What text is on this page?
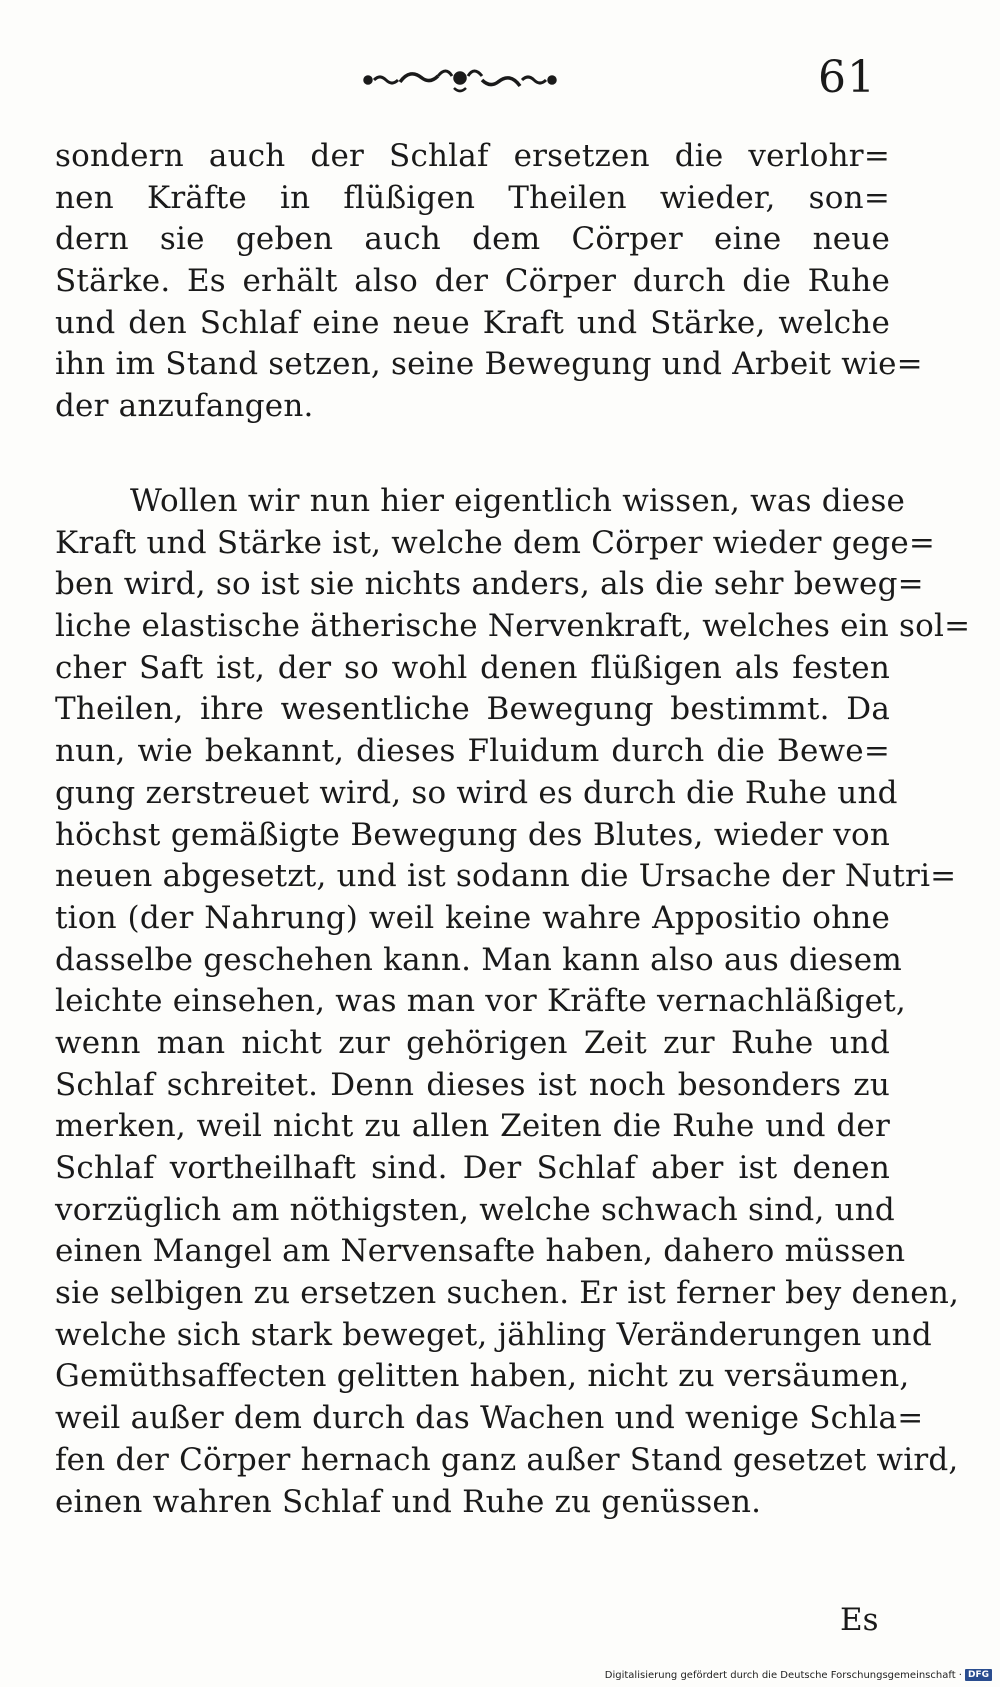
61

sondern auch der Schlaf ersetzen die verlohr=
nen Kräfte in flüßigen Theilen wieder, son=
dern sie geben auch dem Cörper eine neue
Stärke. Es erhält also der Cörper durch die Ruhe
und den Schlaf eine neue Kraft und Stärke, welche
ihn im Stand setzen, seine Bewegung und Arbeit wie=
der anzufangen.

Wollen wir nun hier eigentlich wissen, was diese
Kraft und Stärke ist, welche dem Cörper wieder gege=
ben wird, so ist sie nichts anders, als die sehr beweg=
liche elastische ätherische Nervenkraft, welches ein sol=
cher Saft ist, der so wohl denen flüßigen als festen
Theilen, ihre wesentliche Bewegung bestimmt. Da
nun, wie bekannt, dieses Fluidum durch die Bewe=
gung zerstreuet wird, so wird es durch die Ruhe und
höchst gemäßigte Bewegung des Blutes, wieder von
neuen abgesetzt, und ist sodann die Ursache der Nutri=
tion (der Nahrung) weil keine wahre Appositio ohne
dasselbe geschehen kann. Man kann also aus diesem
leichte einsehen, was man vor Kräfte vernachläßiget,
wenn man nicht zur gehörigen Zeit zur Ruhe und
Schlaf schreitet. Denn dieses ist noch besonders zu
merken, weil nicht zu allen Zeiten die Ruhe und der
Schlaf vortheilhaft sind. Der Schlaf aber ist denen
vorzüglich am nöthigsten, welche schwach sind, und
einen Mangel am Nervensafte haben, dahero müssen
sie selbigen zu ersetzen suchen. Er ist ferner bey denen,
welche sich stark beweget, jähling Veränderungen und
Gemüthsaffecten gelitten haben, nicht zu versäumen,
weil außer dem durch das Wachen und wenige Schla=
fen der Cörper hernach ganz außer Stand gesetzet wird,
einen wahren Schlaf und Ruhe zu genüssen.

Es
Digitalisierung gefördert durch die Deutsche Forschungsgemeinschaft · DFG
